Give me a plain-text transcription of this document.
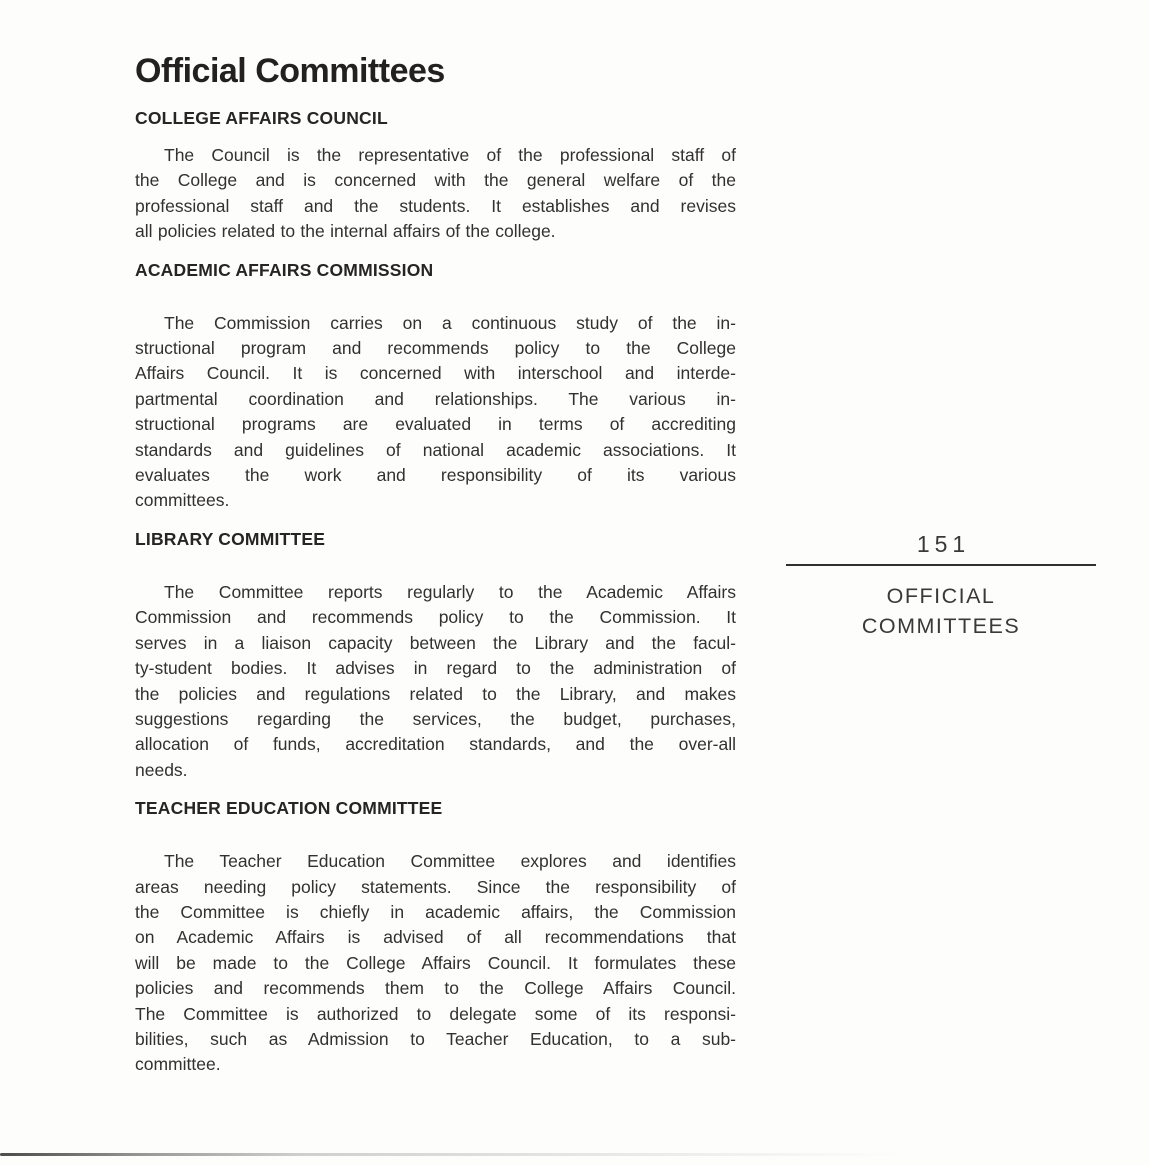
Official Committees
COLLEGE AFFAIRS COUNCIL
The Council is the representative of the professional staff of
the College and is concerned with the general welfare of the
professional staff and the students. It establishes and revises
all policies related to the internal affairs of the college.
ACADEMIC AFFAIRS COMMISSION
The Commission carries on a continuous study of the in-
structional program and recommends policy to the College
Affairs Council. It is concerned with interschool and interde-
partmental coordination and relationships. The various in-
structional programs are evaluated in terms of accrediting
standards and guidelines of national academic associations. It
evaluates the work and responsibility of its various
committees.
LIBRARY COMMITTEE
The Committee reports regularly to the Academic Affairs
Commission and recommends policy to the Commission. It
serves in a liaison capacity between the Library and the facul-
ty-student bodies. It advises in regard to the administration of
the policies and regulations related to the Library, and makes
suggestions regarding the services, the budget, purchases,
allocation of funds, accreditation standards, and the over-all
needs.
TEACHER EDUCATION COMMITTEE
The Teacher Education Committee explores and identifies
areas needing policy statements. Since the responsibility of
the Committee is chiefly in academic affairs, the Commission
on Academic Affairs is advised of all recommendations that
will be made to the College Affairs Council. It formulates these
policies and recommends them to the College Affairs Council.
The Committee is authorized to delegate some of its responsi-
bilities, such as Admission to Teacher Education, to a sub-
committee.
151
OFFICIAL
COMMITTEES
